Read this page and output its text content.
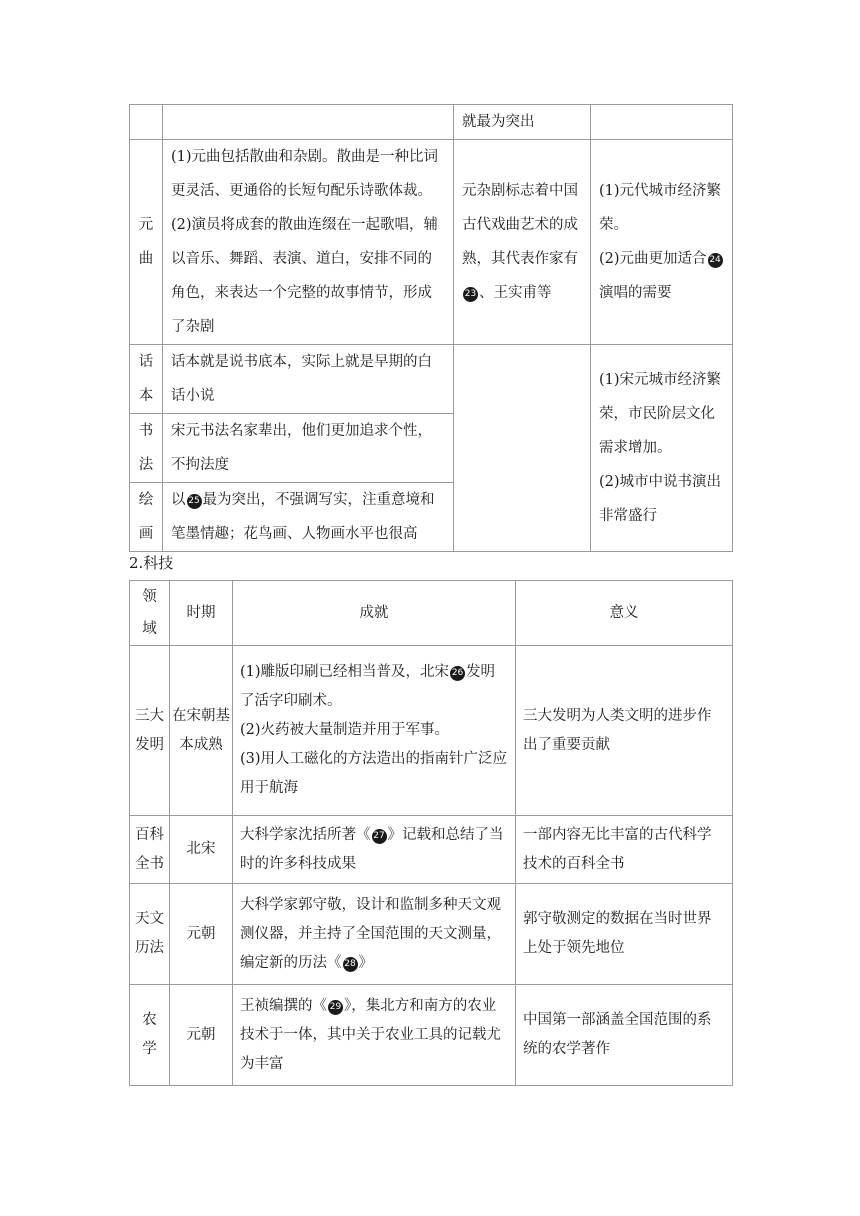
		就最为突出	
元曲	(1)元曲包括散曲和杂剧。散曲是一种比词更灵活、更通俗的长短句配乐诗歌体裁。
(2)演员将成套的散曲连缀在一起歌唱，辅以音乐、舞蹈、表演、道白，安排不同的角色，来表达一个完整的故事情节，形成了杂剧	元杂剧标志着中国古代戏曲艺术的成熟，其代表作家有23 、王实甫等	(1)元代城市经济繁荣。
(2)元曲更加适合 24演唱的需要

话本	话本就是说书底本，实际上就是早期的白话小说		(1)宋元城市经济繁荣，市民阶层文化需求增加。
(2)城市中说书演出非常盛行

书法	宋元书法名家辈出，他们更加追求个性，不拘法度		
绘画	以 25 最为突出，不强调写实，注重意境和笔墨情趣；花鸟画、人物画水平也很高		
2.科技
领域	时期	成就	意义
三大发明	在宋朝基本成熟	(1)雕版印刷已经相当普及，北宋 26 发明了活字印刷术。
(2)火药被大量制造并用于军事。
(3)用人工磁化的方法造出的指南针广泛应用于航海	三大发明为人类文明的进步作出了重要贡献
百科全书	北宋	大科学家沈括所著《 27 》记载和总结了当时的许多科技成果	一部内容无比丰富的古代科学技术的百科全书
天文历法	元朝	大科学家郭守敬，设计和监制多种天文观测仪器，并主持了全国范围的天文测量，编定新的历法《 28 》	郭守敬测定的数据在当时世界上处于领先地位
农学	元朝	王祯编撰的《 29 》，集北方和南方的农业技术于一体，其中关于农业工具的记载尤为丰富	中国第一部涵盖全国范围的系统的农学著作
